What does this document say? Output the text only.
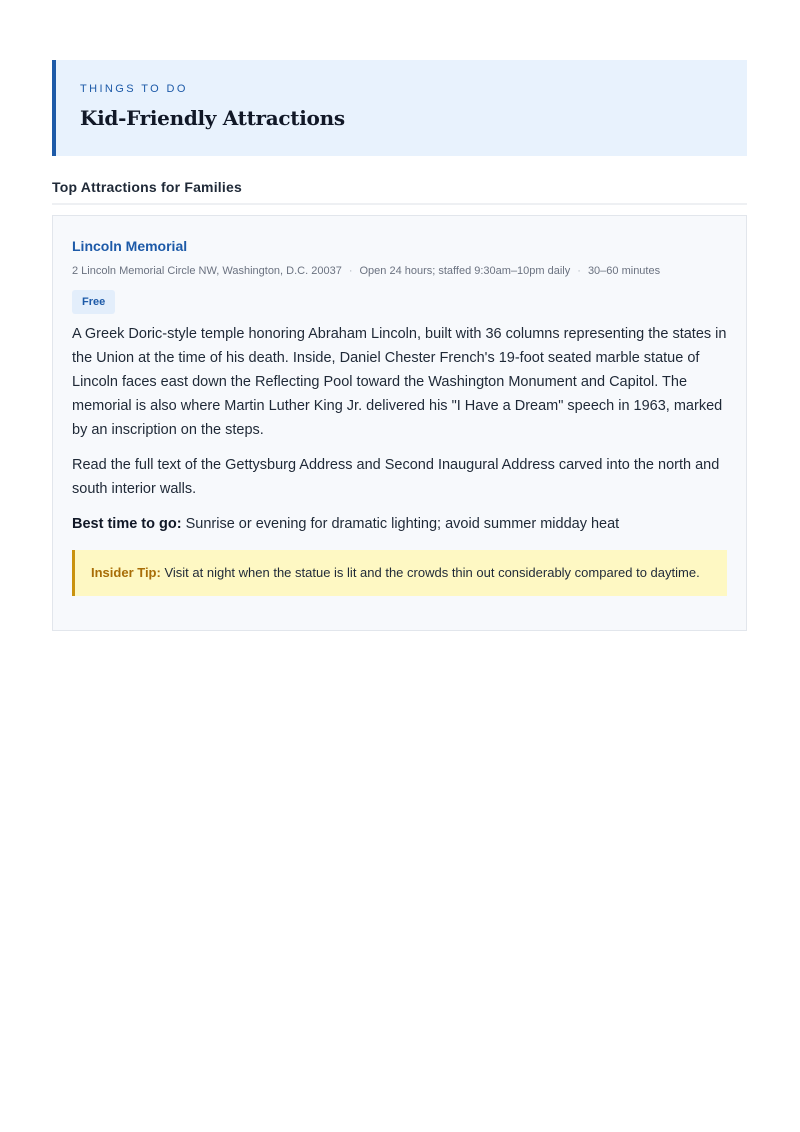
THINGS TO DO
Kid-Friendly Attractions
Top Attractions for Families
Lincoln Memorial
2 Lincoln Memorial Circle NW, Washington, D.C. 20037 · Open 24 hours; staffed 9:30am–10pm daily · 30–60 minutes
Free

A Greek Doric-style temple honoring Abraham Lincoln, built with 36 columns representing the states in the Union at the time of his death. Inside, Daniel Chester French's 19-foot seated marble statue of Lincoln faces east down the Reflecting Pool toward the Washington Monument and Capitol. The memorial is also where Martin Luther King Jr. delivered his "I Have a Dream" speech in 1963, marked by an inscription on the steps.

Read the full text of the Gettysburg Address and Second Inaugural Address carved into the north and south interior walls.

Best time to go: Sunrise or evening for dramatic lighting; avoid summer midday heat

Insider Tip: Visit at night when the statue is lit and the crowds thin out considerably compared to daytime.
